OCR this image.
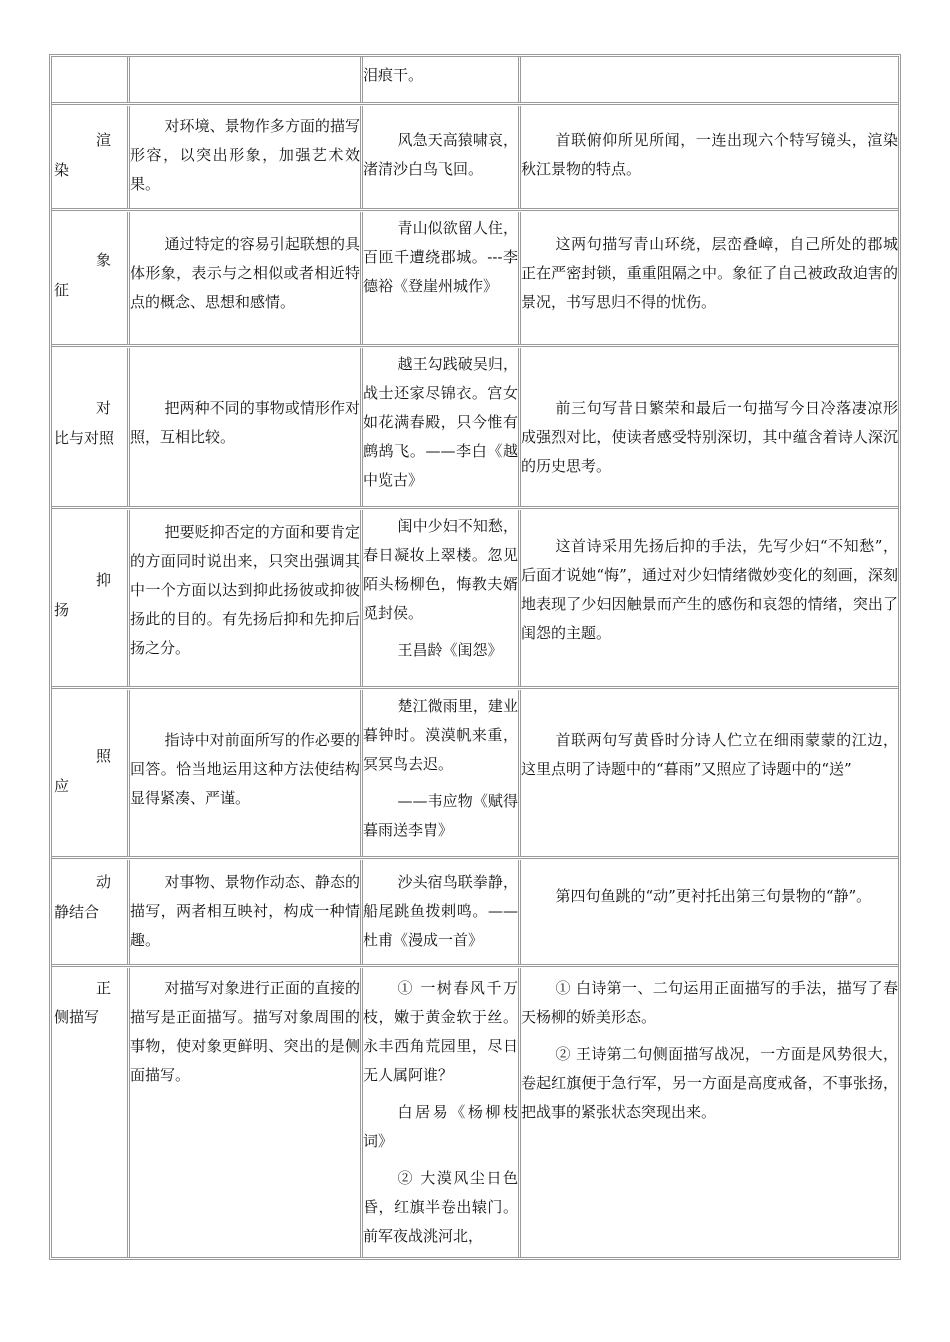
泪痕干。

渲
染

对环境、景物作多方面的描写形容，以突出形象，加强艺术效果。

风急天高猿啸哀，渚清沙白鸟飞回。

首联俯仰所见所闻，一连出现六个特写镜头，渲染秋江景物的特点。

象
征

通过特定的容易引起联想的具体形象，表示与之相似或者相近特点的概念、思想和感情。

青山似欲留人住，百匝千遭绕郡城。---李德裕《登崖州城作》

这两句描写青山环绕，层峦叠嶂，自己所处的郡城正在严密封锁，重重阻隔之中。象征了自己被政敌迫害的景况，书写思归不得的忧伤。

对
比与对照

把两种不同的事物或情形作对照，互相比较。

越王勾践破吴归，战士还家尽锦衣。宫女如花满春殿，只今惟有鹧鸪飞。——李白《越中览古》

前三句写昔日繁荣和最后一句描写今日冷落凄凉形成强烈对比，使读者感受特别深切，其中蕴含着诗人深沉的历史思考。

抑
扬

把要贬抑否定的方面和要肯定的方面同时说出来，只突出强调其中一个方面以达到抑此扬彼或抑彼扬此的目的。有先扬后抑和先抑后扬之分。

闺中少妇不知愁，春日凝妆上翠楼。忽见陌头杨柳色，悔教夫婿觅封侯。

王昌龄《闺怨》

这首诗采用先扬后抑的手法，先写少妇“不知愁”，后面才说她“悔”，通过对少妇情绪微妙变化的刻画，深刻地表现了少妇因触景而产生的感伤和哀怨的情绪，突出了闺怨的主题。

照
应

指诗中对前面所写的作必要的回答。恰当地运用这种方法使结构显得紧凑、严谨。

楚江微雨里，建业暮钟时。漠漠帆来重，冥冥鸟去迟。

——韦应物《赋得暮雨送李胄》

首联两句写黄昏时分诗人伫立在细雨蒙蒙的江边，这里点明了诗题中的“暮雨”又照应了诗题中的“送”

动
静结合

对事物、景物作动态、静态的描写，两者相互映衬，构成一种情趣。

沙头宿鸟联拳静，船尾跳鱼拨剌鸣。——杜甫《漫成一首》

第四句鱼跳的“动”更衬托出第三句景物的“静”。

正
侧描写

对描写对象进行正面的直接的描写是正面描写。描写对象周围的事物，使对象更鲜明、突出的是侧面描写。

① 一树春风千万枝，嫩于黄金软于丝。永丰西角荒园里，尽日无人属阿谁？

白居易《杨柳枝词》

② 大漠风尘日色昏，红旗半卷出辕门。前军夜战洮河北，

① 白诗第一、二句运用正面描写的手法，描写了春天杨柳的娇美形态。

② 王诗第二句侧面描写战况，一方面是风势很大，卷起红旗便于急行军，另一方面是高度戒备，不事张扬，把战事的紧张状态突现出来。
